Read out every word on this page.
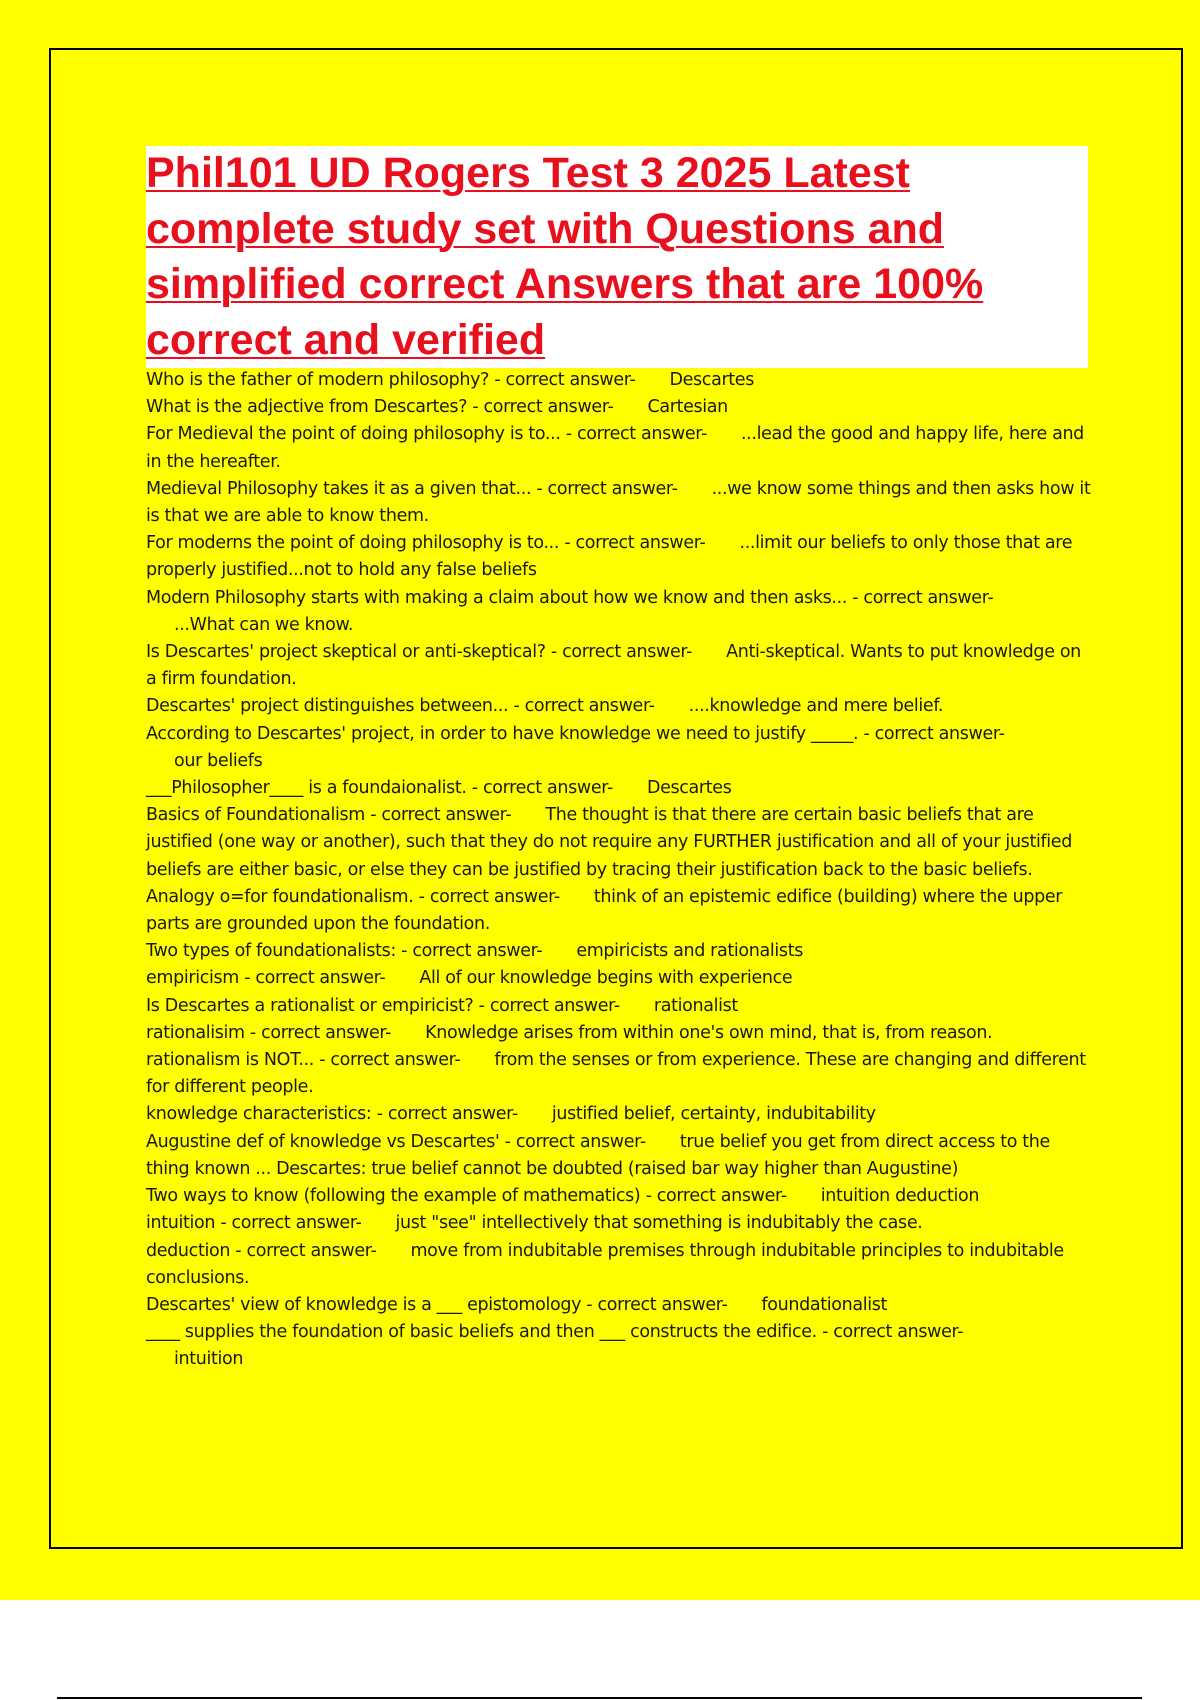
Phil101 UD Rogers Test 3 2025 Latest complete study set with Questions and simplified correct Answers that are 100% correct and verified

Who is the father of modern philosophy? - correct answer- Descartes

What is the adjective from Descartes? - correct answer- Cartesian

For Medieval the point of doing philosophy is to... - correct answer- ...lead the good and happy life, here and in the hereafter.

Medieval Philosophy takes it as a given that... - correct answer- ...we know some things and then asks how it is that we are able to know them.

For moderns the point of doing philosophy is to... - correct answer- ...limit our beliefs to only those that are properly justified...not to hold any false beliefs

Modern Philosophy starts with making a claim about how we know and then asks... - correct answer-
...What can we know.

Is Descartes' project skeptical or anti-skeptical? - correct answer- Anti-skeptical. Wants to put knowledge on a firm foundation.

Descartes' project distinguishes between... - correct answer- ....knowledge and mere belief.

According to Descartes' project, in order to have knowledge we need to justify _____. - correct answer-
our beliefs

___Philosopher____ is a foundaionalist. - correct answer- Descartes

Basics of Foundationalism - correct answer- The thought is that there are certain basic beliefs that are justified (one way or another), such that they do not require any FURTHER justification and all of your justified beliefs are either basic, or else they can be justified by tracing their justification back to the basic beliefs.

Analogy o=for foundationalism. - correct answer- think of an epistemic edifice (building) where the upper parts are grounded upon the foundation.

Two types of foundationalists: - correct answer- empiricists and rationalists

empiricism - correct answer- All of our knowledge begins with experience

Is Descartes a rationalist or empiricist? - correct answer- rationalist

rationalisim - correct answer- Knowledge arises from within one's own mind, that is, from reason.

rationalism is NOT... - correct answer- from the senses or from experience. These are changing and different for different people.

knowledge characteristics: - correct answer- justified belief, certainty, indubitability

Augustine def of knowledge vs Descartes' - correct answer- true belief you get from direct access to the thing known ... Descartes: true belief cannot be doubted (raised bar way higher than Augustine)

Two ways to know (following the example of mathematics) - correct answer- intuition deduction

intuition - correct answer- just "see" intellectively that something is indubitably the case.

deduction - correct answer- move from indubitable premises through indubitable principles to indubitable conclusions.

Descartes' view of knowledge is a ___ epistomology - correct answer- foundationalist

____ supplies the foundation of basic beliefs and then ___ constructs the edifice. - correct answer-
intuition
